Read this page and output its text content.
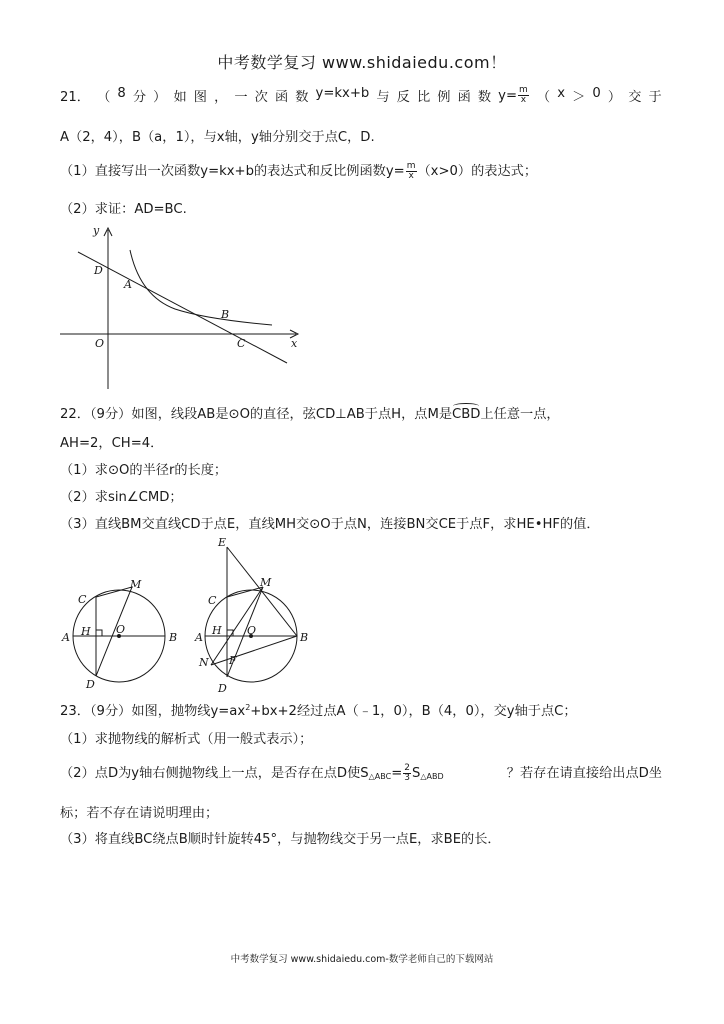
中考数学复习 www.shidaiedu.com！
21． （ 8 分 ） 如 图 ， 一 次 函 数 y=kx+b 与 反 比 例 函 数 $y= \frac{m}{x}$ （ x ＞ 0 ） 交 于
A（2，4），B（a，1），与x轴，y轴分别交于点C，D.
（1）直接写出一次函数y=kx+b的表达式和反比例函数$y= \frac{m}{x} (x>0)$的表达式；
（2）求证：AD=BC.
y
x
D
A
B
O	C
22．（9分）如图，线段AB是⊙O的直径，弦CD⊥AB于点H，点M是CBD上任意一点，
AH=2，CH=4．
（1）求⊙O的半径r的长度；
（2）求sin∠CMD；
（3）直线BM交直线CD于点E，直线MH交⊙O于点N，连接BN交CE于点F，求HE•HF的值．
C
M
A H O
B
D
E
C
M
A
H O
B
N F
D
23．（9分）如图，抛物线$y=ax^2+bx+2$经过点A（﹣1，0），B（4，0），交y轴于点C；
（1）求抛物线的解析式（用一般式表示）；
（2）点D为y轴右侧抛物线上一点，是否存在点D使$S_{\triangle ABC}= \frac{2}{3} S_{\triangle ABD}$	？若存在请直接给出点D坐
标；若不存在请说明理由；
（3）将直线BC绕点B顺时针旋转45°，与抛物线交于另一点E，求BE的长．
中考数学复习 www.shidaiedu.com-数学老师自己的下载网站
